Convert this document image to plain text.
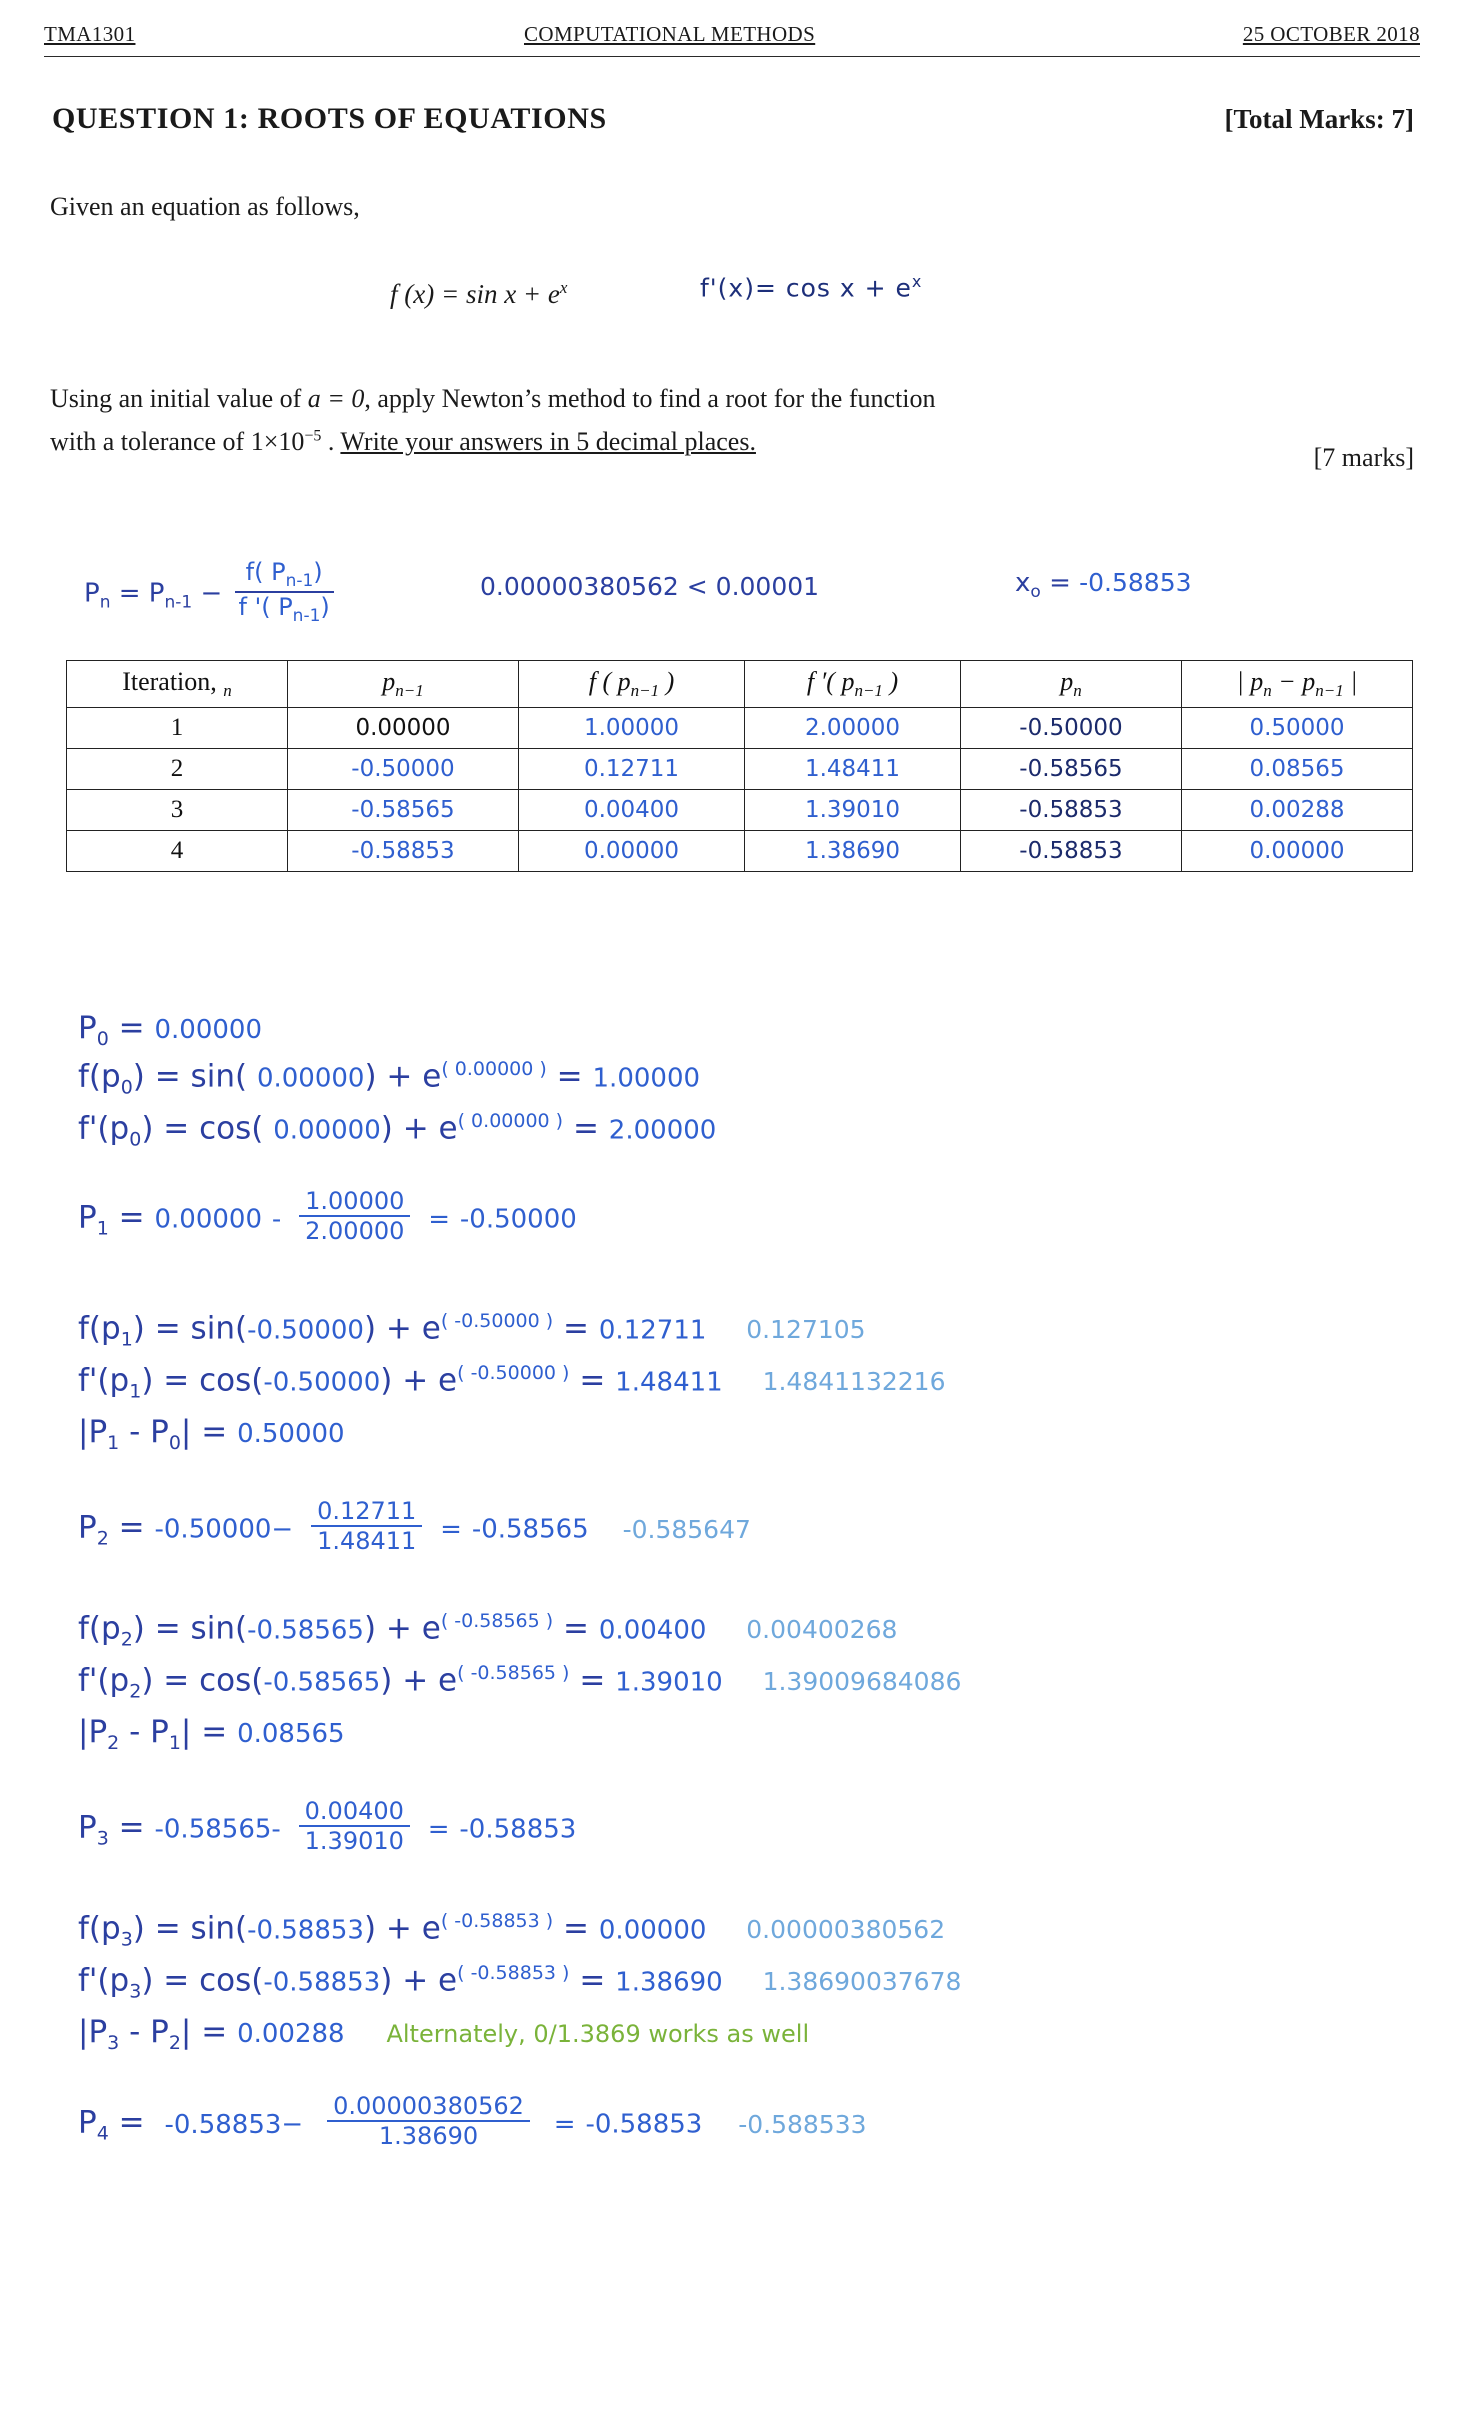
TMA1301	COMPUTATIONAL METHODS	25 OCTOBER 2018
QUESTION 1: ROOTS OF EQUATIONS	[Total Marks: 7]
Given an equation as follows,
f $(x) = \sin x + e^x$	$f'(x)= \cos x + e^x$
Using an initial value of a = 0, apply Newton’s method to find a root for the function
with a tolerance of $1\times 10^{-5}$ . Write your answers in 5 decimal places.
[7 marks]
$P_n = P_{n-1} - \frac{f( P_{n-1})}{f '( P_{n-1})}$	0.00000380562 < 0.00001	$x_o = -0.58853$
Iteration, $_n$	$p_{n-1}$	f ( $p_{n-1}$ )	f ′( $p_{n-1}$ )	$p_n$	| $p_n - p_{n-1}$ |
1	0.00000	1.00000	2.00000	-0.50000	0.50000
2	-0.50000	0.12711	1.48411	-0.58565	0.08565
3	-0.58565	0.00400	1.39010	-0.58853	0.00288
4	-0.58853	0.00000	1.38690	-0.58853	0.00000
$P_0 = 0.00000$
$f(p_0) = \sin$( $0.00000) + e^{( 0.00000 )} = 1.00000$
$f'(p_0) = \cos$( $0.00000) + e^{( 0.00000 )} = 2.00000$
$P_1 = 0.00000 - \frac{1.00000}{2.00000} = -0.50000$
$f(p_1) = \sin(-0.50000) + e^{( -0.50000 )} = 0.12711$ 0.127105
$f'(p_1) = \cos(-0.50000) + e^{( -0.50000 )} = 1.48411$ 1.4841132216
$|P_1 - P_0| = 0.50000$
$P_2 = -0.50000- \frac{0.12711}{1.48411} = -0.58565$ -0.585647
$f(p_2) = \sin(-0.58565) + e^{( -0.58565 )} = 0.00400$ 0.00400268
$f'(p_2) = \cos(-0.58565) + e^{( -0.58565 )} = 1.39010$ 1.39009684086
$|P_2 - P_1| = 0.08565$
$P_3 = -0.58565- \frac{0.00400}{1.39010} = -0.58853$
$f(p_3) = \sin(-0.58853) + e^{( -0.58853 )} = 0.00000$ 0.00000380562
$f'(p_3) = \cos(-0.58853) + e^{( -0.58853 )} = 1.38690$ 1.38690037678
$|P_3 - P_2| = 0.00288$ Alternately, 0/1.3869 works as well
$P_4 = -0.58853- \frac{0.00000380562}{1.38690} = -0.58853$ -0.588533
